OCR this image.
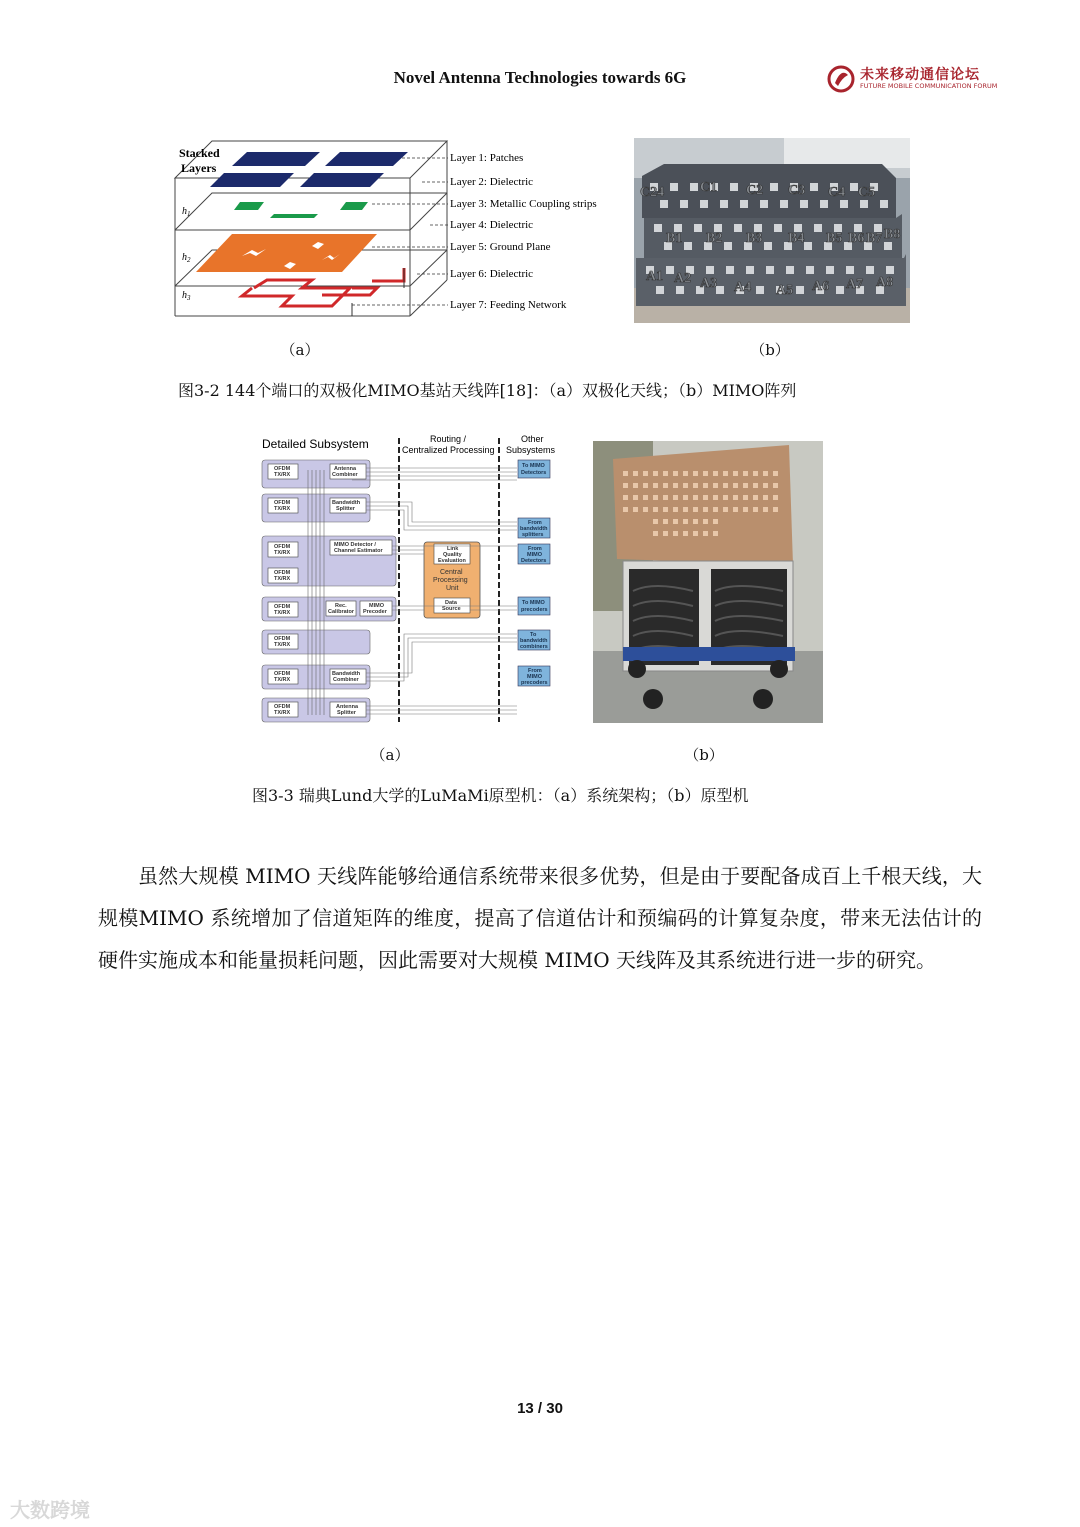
Novel Antenna Technologies towards 6G	未来移动通信论坛
FUTURE MOBILE COMMUNICATION FORUM
Stacked
Layers
$h_1$
$h_2$
$h_3$
Layer 1: Patches
Layer 2: Dielectric
Layer 3: Metallic Coupling strips
Layer 4: Dielectric
Layer 5: Ground Plane
Layer 6: Dielectric
Layer 7: Feeding Network
C24	C1 C2 C3 C4 C5
B1 B2 B3 B4 B5 B6 B7 B8
A1 A2 A3 A4 A5 A6 A7 A8
（a）	（b）
图3-2 144个端口的双极化MIMO基站天线阵[18]：（a）双极化天线；（b）MIMO阵列
Detailed Subsystem	Routing /
Centralized Processing
Other
Subsystems
OFDM
TX/RX
OFDM
TX/RX
OFDM
TX/RX
OFDM
TX/RX
OFDM
TX/RX
OFDM
TX/RX
OFDM
TX/RX
OFDM
TX/RX
Antenna
Combiner
Bandwidth
Splitter
MIMO Detector /
Channel Estimator
Rec.
Calibrator
MIMO
Precoder
Bandwidth
Combiner
Antenna
Splitter
Link
Quality
Evaluation
Data
Source
Central
Processing
Unit
To MIMO
Detectors
From
bandwidth
splitters
From
MIMO
Detectors
To MIMO
precoders
To
bandwidth
combiners
From
MIMO
precoders
（a）	（b）
图3-3 瑞典Lund大学的LuMaMi原型机：（a）系统架构；（b）原型机
虽然大规模 MIMO 天线阵能够给通信系统带来很多优势，但是由于要配备成百上千根天线，大规模MIMO 系统增加了信道矩阵的维度，提高了信道估计和预编码的计算复杂度，带来无法估计的硬件实施成本和能量损耗问题，因此需要对大规模 MIMO 天线阵及其系统进行进一步的研究。
13 / 30
大数跨境
